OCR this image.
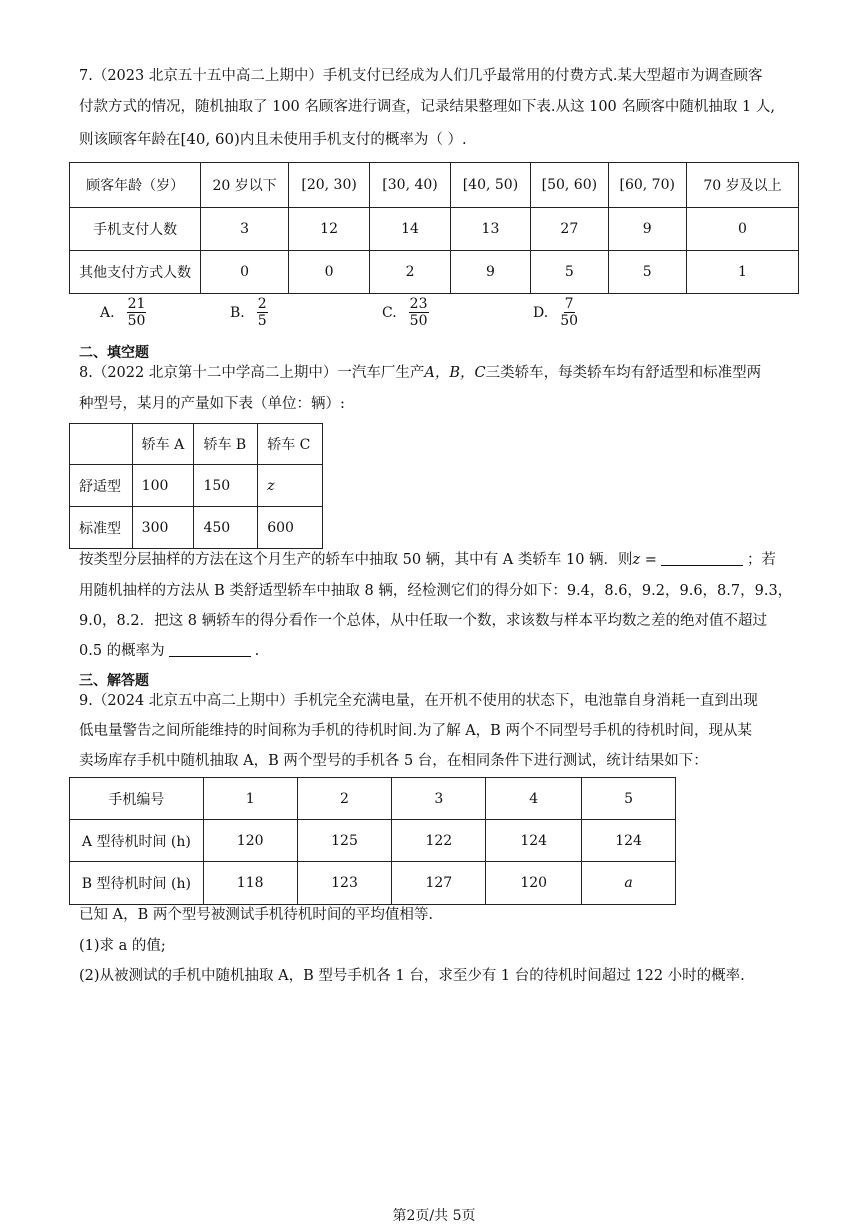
7.（2023 北京五十五中高二上期中）手机支付已经成为人们几乎最常用的付费方式.某大型超市为调查顾客
付款方式的情况，随机抽取了 100 名顾客进行调查，记录结果整理如下表.从这 100 名顾客中随机抽取 1 人,
则该顾客年龄在[40, 60)内且未使用手机支付的概率为（ ）.
顾客年龄（岁）	20 岁以下	[20, 30)	[30, 40)	[40, 50)	[50, 60)	[60, 70)	70 岁及以上
手机支付人数	3	12	14	13	27	9	0
其他支付方式人数	0	0	2	9	5	5	1
A. $\frac{21}{50}$	B. $\frac{2}{5}$	C. $\frac{23}{50}$	D. $\frac{7}{50}$
二、填空题
8.（2022 北京第十二中学高二上期中）一汽车厂生产A，B，C三类轿车，每类轿车均有舒适型和标准型两
种型号，某月的产量如下表（单位：辆）:
	轿车 A	轿车 B	轿车 C
舒适型	100	150	z
标准型	300	450	600
按类型分层抽样的方法在这个月生产的轿车中抽取 50 辆，其中有 A 类轿车 10 辆．则z =	；若
用随机抽样的方法从 B 类舒适型轿车中抽取 8 辆，经检测它们的得分如下：9.4，8.6，9.2，9.6，8.7，9.3，
9.0，8.2．把这 8 辆轿车的得分看作一个总体，从中任取一个数，求该数与样本平均数之差的绝对值不超过
0.5 的概率为	.
三、解答题
9.（2024 北京五中高二上期中）手机完全充满电量，在开机不使用的状态下，电池靠自身消耗一直到出现
低电量警告之间所能维持的时间称为手机的待机时间.为了解 A，B 两个不同型号手机的待机时间，现从某
卖场库存手机中随机抽取 A，B 两个型号的手机各 5 台，在相同条件下进行测试，统计结果如下：
手机编号	1	2	3	4	5
A 型待机时间 (h)	120	125	122	124	124
B 型待机时间 (h)	118	123	127	120	a
已知 A，B 两个型号被测试手机待机时间的平均值相等.
(1)求 a 的值;
(2)从被测试的手机中随机抽取 A，B 型号手机各 1 台，求至少有 1 台的待机时间超过 122 小时的概率.
第2页/共 5页
